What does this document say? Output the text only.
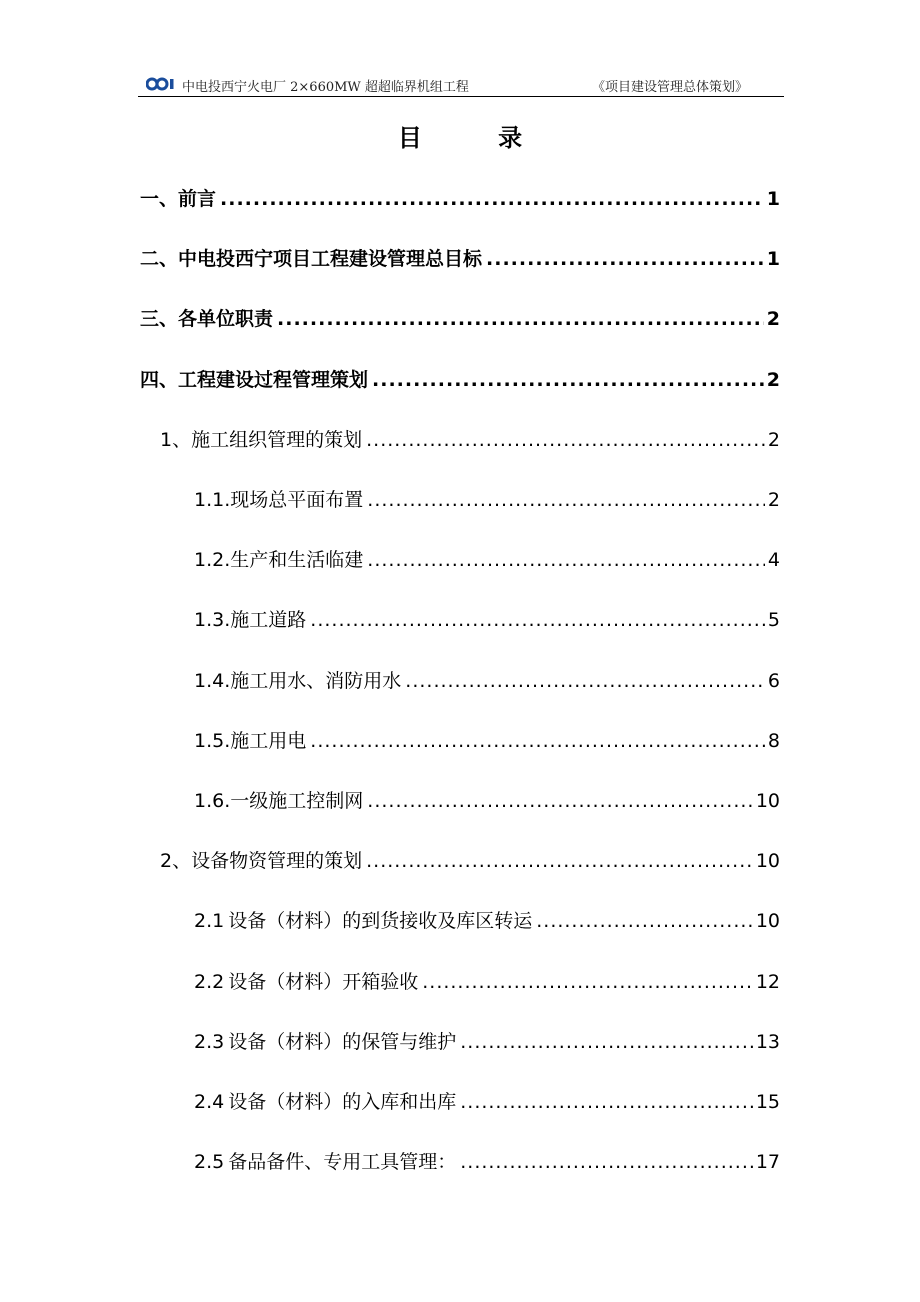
中电投西宁火电厂 2×660MW 超超临界机组工程	《项目建设管理总体策划》
目 录
一、 前言 .....	1
二、 中电投西宁项目工程建设管理总目标 .....	1
三、 各单位职责 .....	2
四、 工程建设过程管理策划 .....	2
1、 施工组织管理的策划 .....	2
1.1. 现场总平面布置 .....	2
1.2. 生产和生活临建 .....	4
1.3. 施工道路 .....	5
1.4. 施工用水、消防用水 .....	6
1.5. 施工用电 .....	8
1.6. 一级施工控制网 .....	10
2、 设备物资管理的策划 .....	10
2.1 设备（材料）的到货接收及库区转运 .....	10
2.2 设备（材料）开箱验收 .....	12
2.3 设备（材料）的保管与维护 .....	13
2.4 设备（材料）的入库和出库 .....	15
2.5 备品备件、专用工具管理： .....	17
